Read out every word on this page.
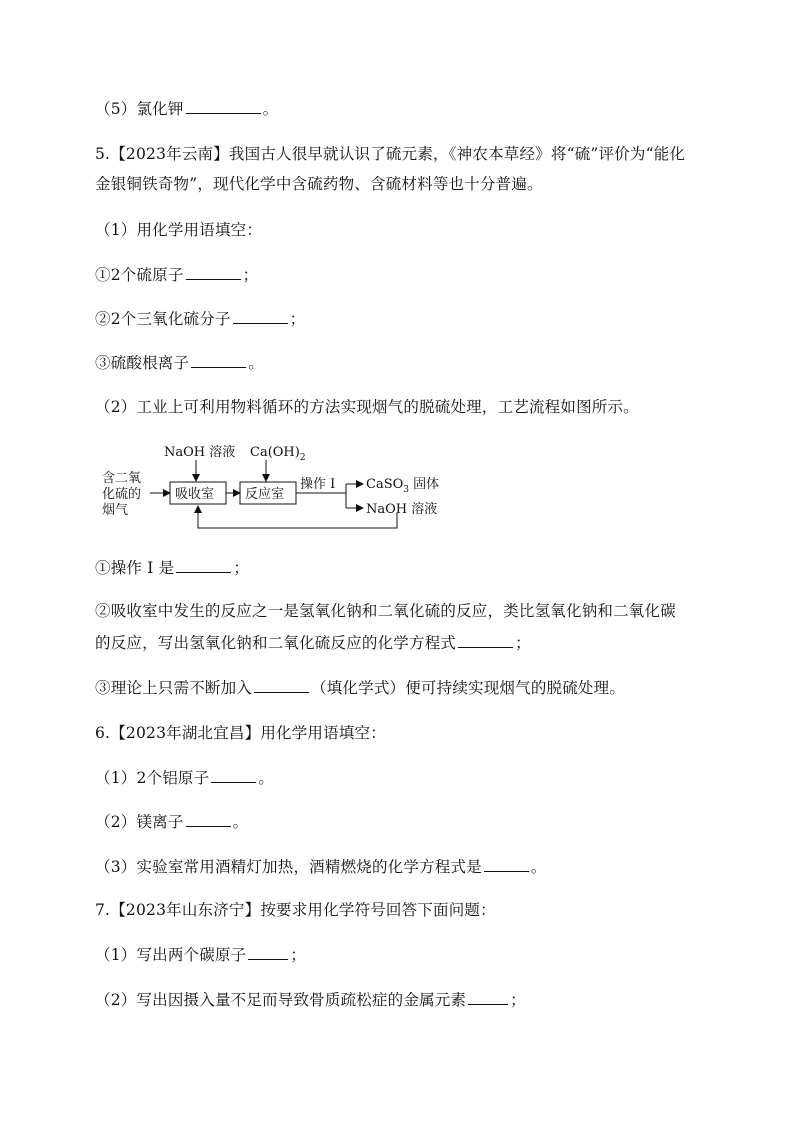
（5）氯化钾	。
5.【2023年云南】我国古人很早就认识了硫元素，《神农本草经》将“硫”评价为“能化
金银铜铁奇物”，现代化学中含硫药物、含硫材料等也十分普遍。
（1）用化学用语填空：
①2个硫原子	；
②2个三氧化硫分子	；
③硫酸根离子	。
（2）工业上可利用物料循环的方法实现烟气的脱硫处理，工艺流程如图所示。
含二氧
化硫的
烟气
吸收室
NaOH 溶液
反应室
$Ca(OH)_2$
操作 I CaSO$_3$ 固体
NaOH 溶液
①操作 I 是	；
②吸收室中发生的反应之一是氢氧化钠和二氧化硫的反应，类比氢氧化钠和二氧化碳
的反应，写出氢氧化钠和二氧化硫反应的化学方程式	；
③理论上只需不断加入	（填化学式）便可持续实现烟气的脱硫处理。
6.【2023年湖北宜昌】用化学用语填空：
（1）2个铝原子	。
（2）镁离子	。
（3）实验室常用酒精灯加热，酒精燃烧的化学方程式是	。
7.【2023年山东济宁】按要求用化学符号回答下面问题：
（1）写出两个碳原子	；
（2）写出因摄入量不足而导致骨质疏松症的金属元素	；
